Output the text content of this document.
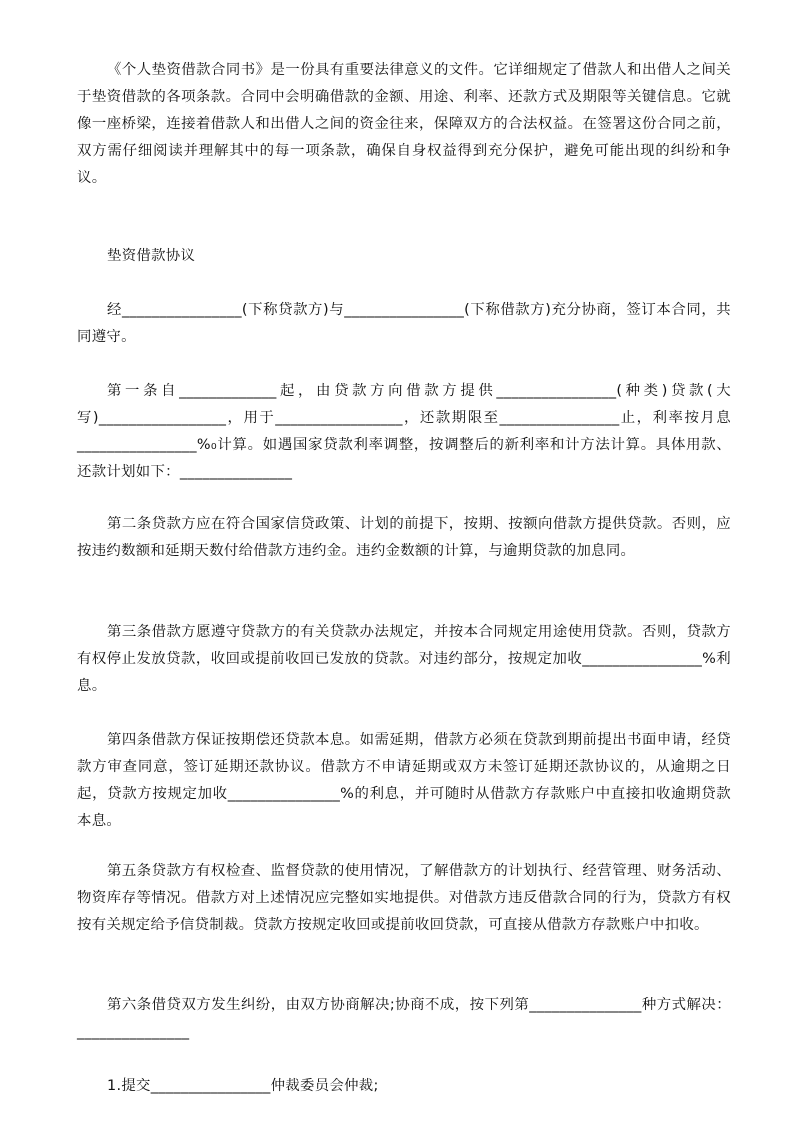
《个人垫资借款合同书》是一份具有重要法律意义的文件。它详细规定了借款人和出借人之间关于垫资借款的各项条款。合同中会明确借款的金额、用途、利率、还款方式及期限等关键信息。它就像一座桥梁，连接着借款人和出借人之间的资金往来，保障双方的合法权益。在签署这份合同之前，双方需仔细阅读并理解其中的每一项条款，确保自身权益得到充分保护，避免可能出现的纠纷和争议。

垫资借款协议

经________________(下称贷款方)与________________(下称借款方)充分协商，签订本合同，共同遵守。

第一条自_____________起，由贷款方向借款方提供________________(种类)贷款(大写)_________________，用于_________________，还款期限至________________止，利率按月息________________%₀计算。如遇国家贷款利率调整，按调整后的新利率和计方法计算。具体用款、还款计划如下：_______________

第二条贷款方应在符合国家信贷政策、计划的前提下，按期、按额向借款方提供贷款。否则，应按违约数额和延期天数付给借款方违约金。违约金数额的计算，与逾期贷款的加息同。

第三条借款方愿遵守贷款方的有关贷款办法规定，并按本合同规定用途使用贷款。否则，贷款方有权停止发放贷款，收回或提前收回已发放的贷款。对违约部分，按规定加收________________%利息。

第四条借款方保证按期偿还贷款本息。如需延期，借款方必须在贷款到期前提出书面申请，经贷款方审查同意，签订延期还款协议。借款方不申请延期或双方未签订延期还款协议的，从逾期之日起，贷款方按规定加收_______________%的利息，并可随时从借款方存款账户中直接扣收逾期贷款本息。

第五条贷款方有权检查、监督贷款的使用情况，了解借款方的计划执行、经营管理、财务活动、物资库存等情况。借款方对上述情况应完整如实地提供。对借款方违反借款合同的行为，贷款方有权按有关规定给予信贷制裁。贷款方按规定收回或提前收回贷款，可直接从借款方存款账户中扣收。

第六条借贷双方发生纠纷，由双方协商解决;协商不成，按下列第_______________种方式解决：_______________

1.提交________________仲裁委员会仲裁;
